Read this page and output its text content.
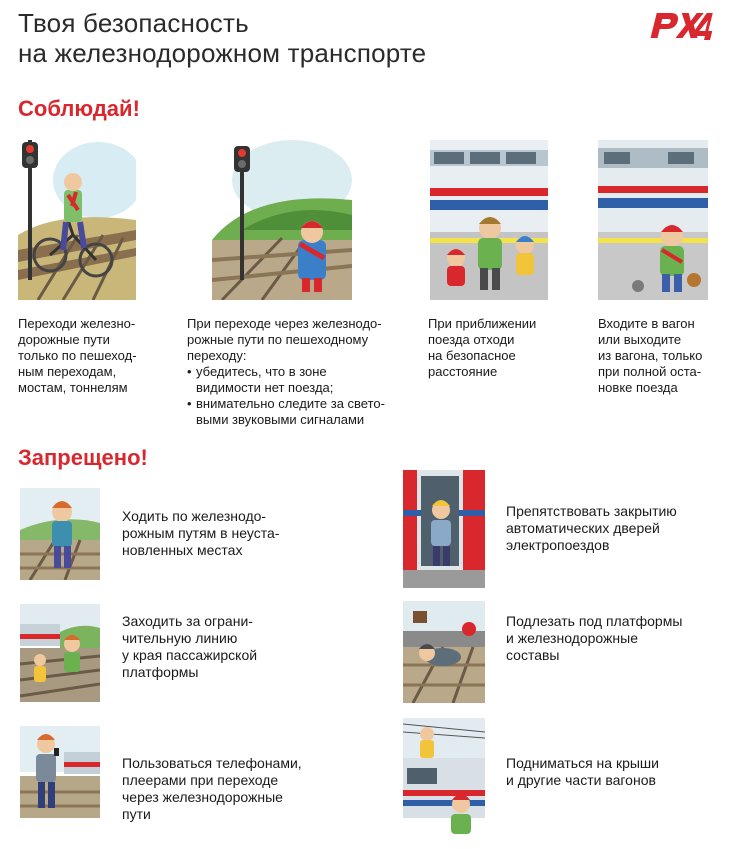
Твоя безопасность
на железнодорожном транспорте
Соблюдай!
Переходи железно-
дорожные пути
только по пешеход-
ным переходам,
мостам, тоннелям
При переходе через железнодо-
рожные пути по пешеходному
переходу:
• убедитесь, что в зоне
видимости нет поезда;
• внимательно следите за свето-
выми звуковыми сигналами
При приближении
поезда отходи
на безопасное
расстояние
Входите в вагон
или выходите
из вагона, только
при полной оста-
новке поезда
Запрещено!
Ходить по железнодо-
рожным путям в неуста-
новленных местах
Препятствовать закрытию
автоматических дверей
электропоездов
Заходить за ограни-
чительную линию
у края пассажирской
платформы
Подлезать под платформы
и железнодорожные
составы
Пользоваться телефонами,
плеерами при переходе
через железнодорожные
пути
Подниматься на крыши
и другие части вагонов
